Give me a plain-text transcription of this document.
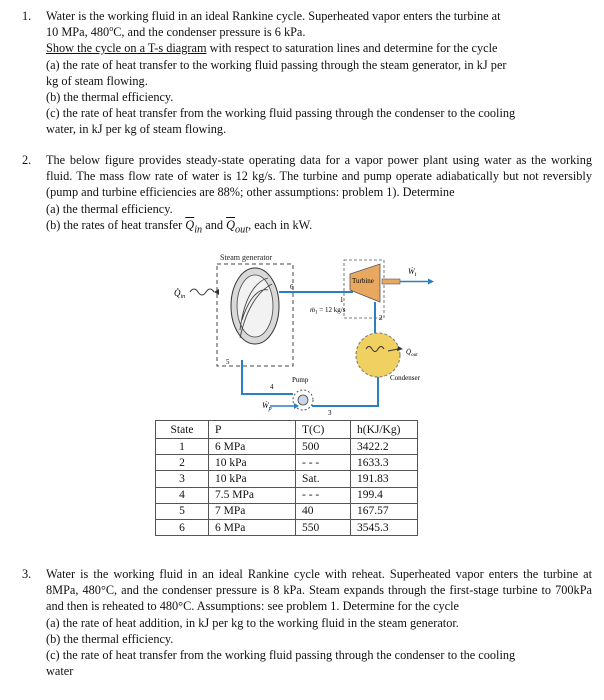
1.	Water is the working fluid in an ideal Rankine cycle. Superheated vapor enters the turbine at

10 MPa, 480$^o$C, and the condenser pressure is 6 kPa.

Show the cycle on a T-s diagram with respect to saturation lines and determine for the cycle

(a) the rate of heat transfer to the working fluid passing through the steam generator, in kJ per

kg of steam flowing.

(b) the thermal efficiency.

(c) the rate of heat transfer from the working fluid passing through the condenser to the cooling

water, in kJ per kg of steam flowing.

2.	The below figure provides steady-state operating data for a vapor power plant using water as the working fluid. The mass flow rate of water is 12 kg/s. The turbine and pump operate adiabatically but not reversibly (pump and turbine efficiencies are 88%; other assumptions: problem 1). Determine

(a) the thermal efficiency.

(b) the rates of heat transfer $\overline{Q}_{in}$ and $\overline{Q}_{out}$, each in kW.

Steam generator
$Q̇_{in}$
6
1
Turbine
$Ẇ_t$
$ṁ_1 = 12$ kg/s
2
$Q̇_{out}$
Condenser
3
Pump
$Ẇ_p$
4
5
State	P	T(C)	h(KJ/Kg)
1	6 MPa	500	3422.2
2	10 kPa	- - -	1633.3
3	10 kPa	Sat.	191.83
4	7.5 MPa	- - -	199.4
5	7 MPa	40	167.57
6	6 MPa	550	3545.3
3.	Water is the working fluid in an ideal Rankine cycle with reheat. Superheated vapor enters the turbine at 8MPa, 480°C, and the condenser pressure is 8 kPa. Steam expands through the first-stage turbine to 700kPa and then is reheated to 480°C. Assumptions: see problem 1. Determine for the cycle

(a) the rate of heat addition, in kJ per kg to the working fluid in the steam generator.

(b) the thermal efficiency.

(c) the rate of heat transfer from the working fluid passing through the condenser to the cooling

water
